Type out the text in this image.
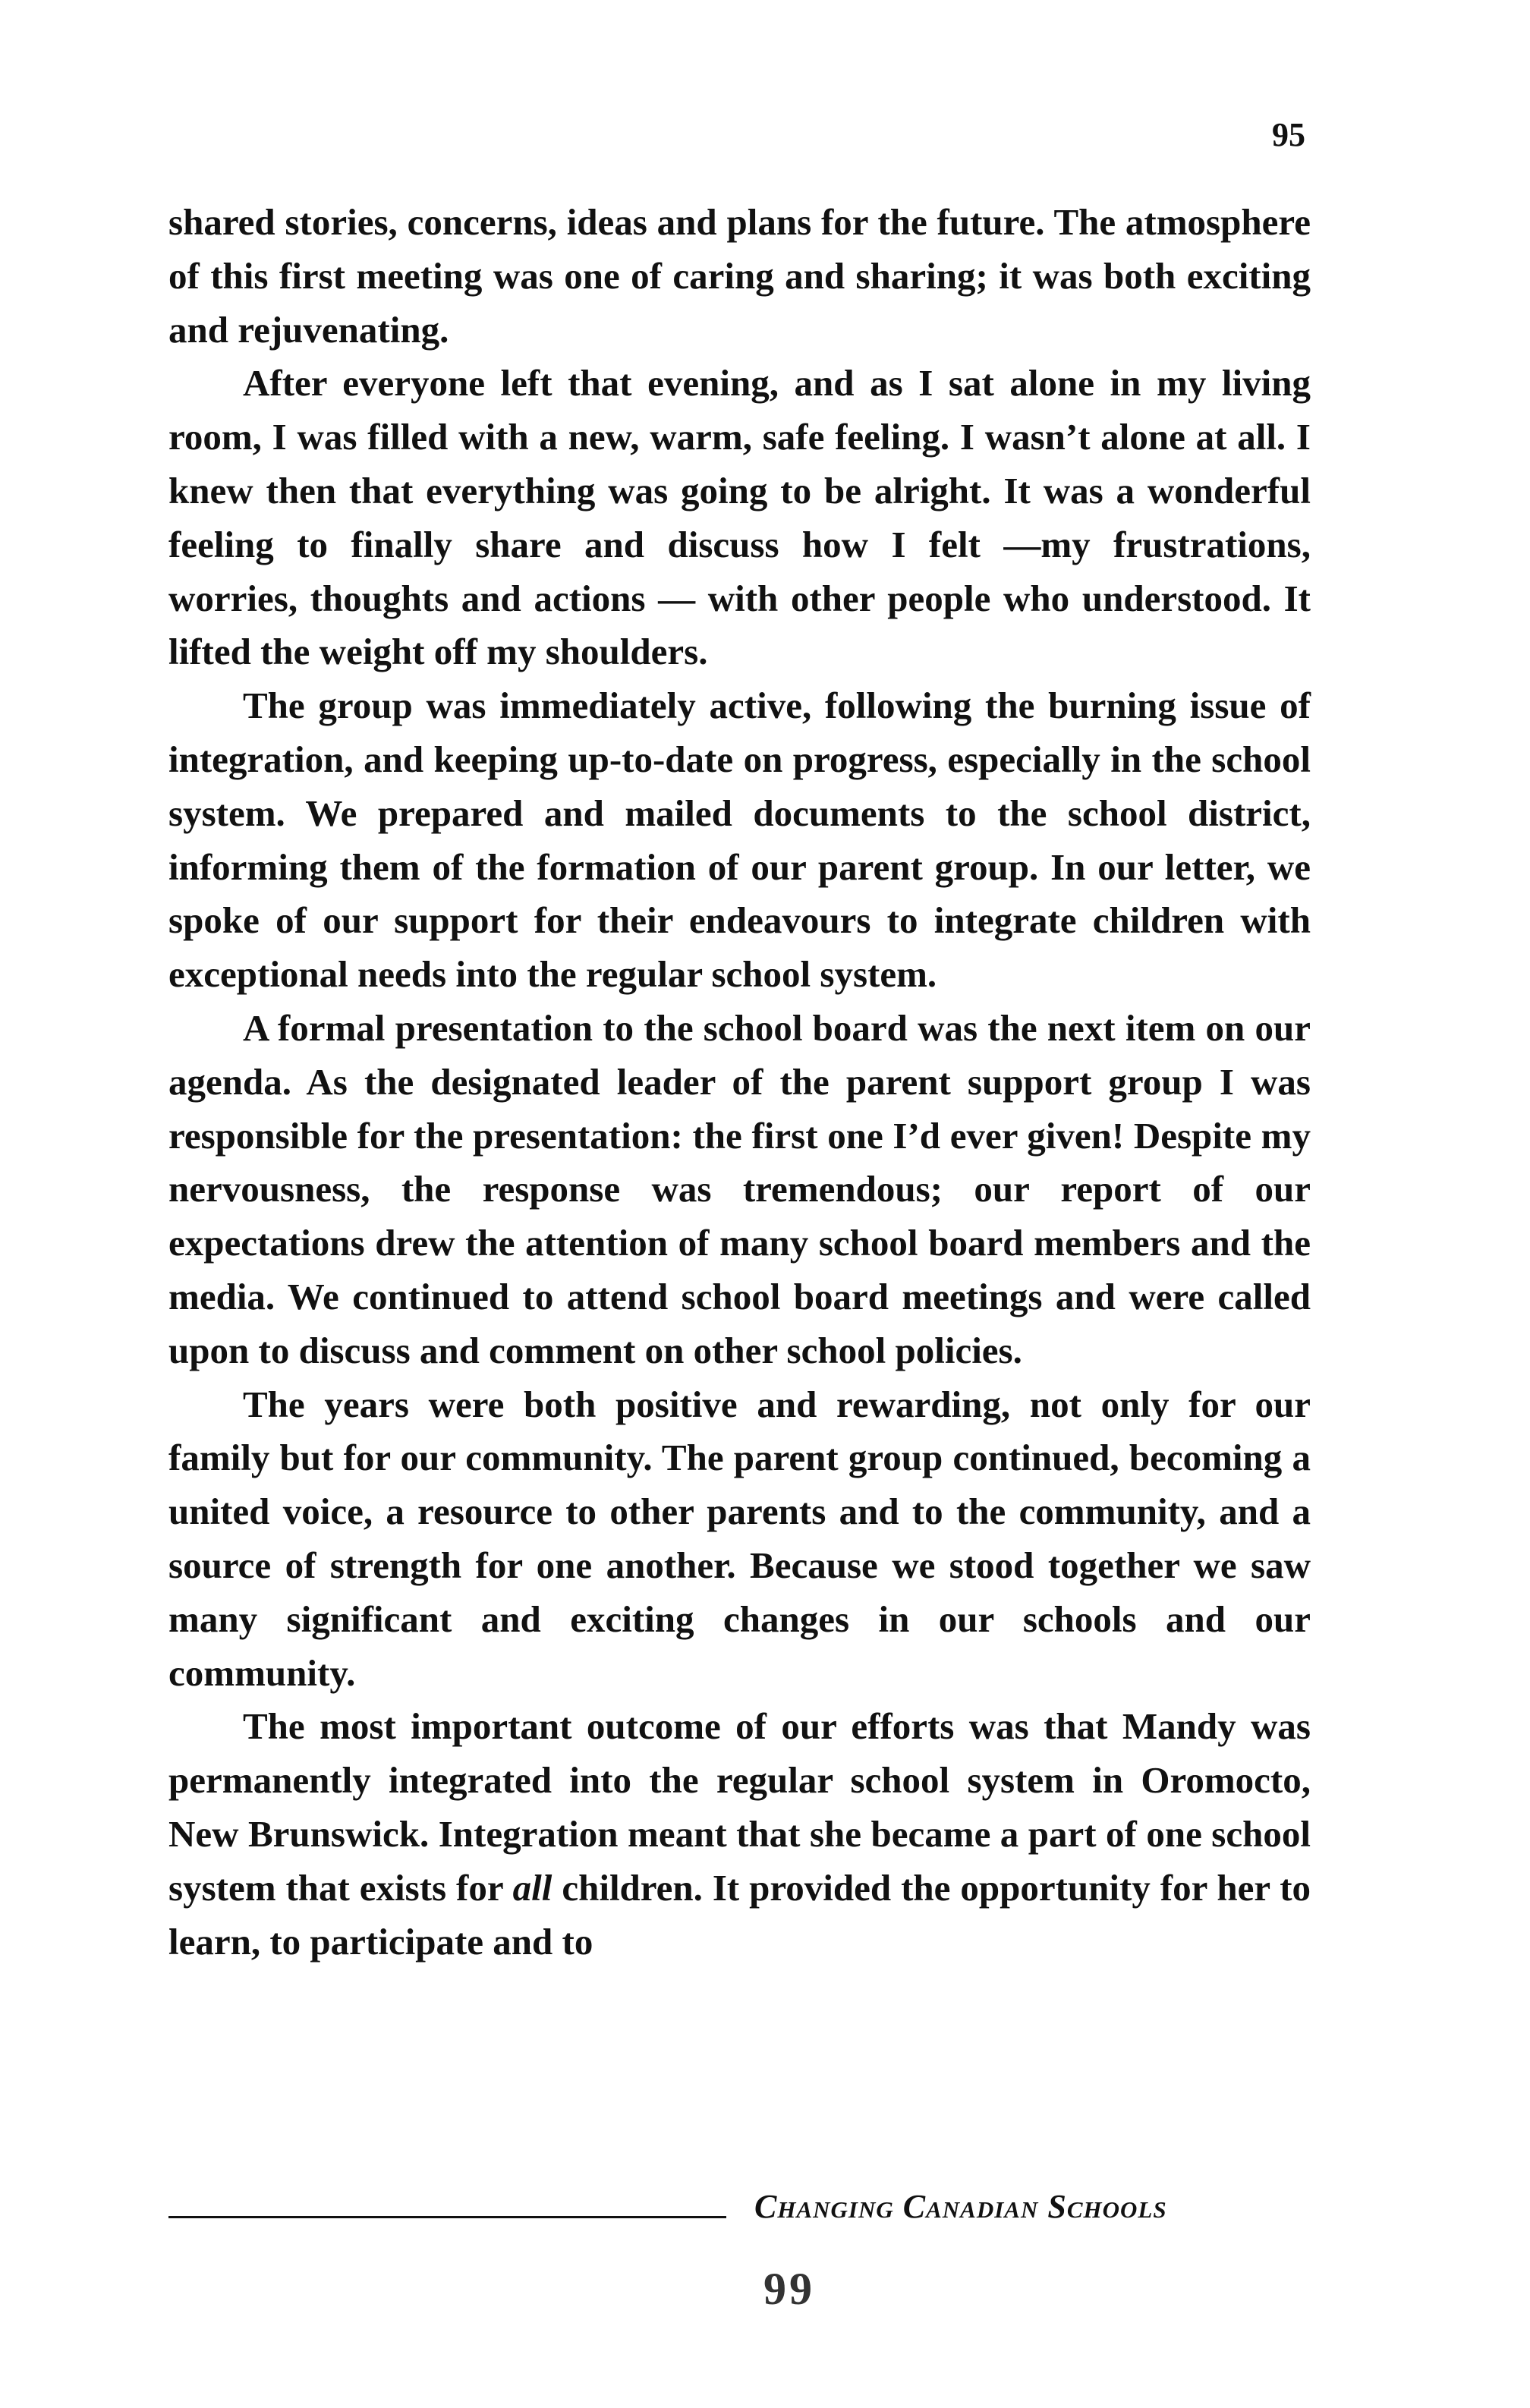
95

shared stories, concerns, ideas and plans for the future. The atmosphere of this first meeting was one of caring and sharing; it was both exciting and rejuvenating.

After everyone left that evening, and as I sat alone in my living room, I was filled with a new, warm, safe feeling. I wasn’t alone at all. I knew then that everything was going to be alright. It was a wonderful feeling to finally share and discuss how I felt —my frustrations, worries, thoughts and actions — with other people who understood. It lifted the weight off my shoulders.

The group was immediately active, following the burning issue of integration, and keeping up-to-date on progress, especially in the school system. We prepared and mailed documents to the school district, informing them of the formation of our parent group. In our letter, we spoke of our support for their endeavours to integrate children with exceptional needs into the regular school system.

A formal presentation to the school board was the next item on our agenda. As the designated leader of the parent support group I was responsible for the presentation: the first one I’d ever given! Despite my nervousness, the response was tremendous; our report of our expectations drew the attention of many school board members and the media. We continued to attend school board meetings and were called upon to discuss and comment on other school policies.

The years were both positive and rewarding, not only for our family but for our community. The parent group continued, becoming a united voice, a resource to other parents and to the community, and a source of strength for one another. Because we stood together we saw many significant and exciting changes in our schools and our community.

The most important outcome of our efforts was that Mandy was permanently integrated into the regular school system in Oromocto, New Brunswick. Integration meant that she became a part of one school system that exists for all children. It provided the opportunity for her to learn, to participate and to

Changing Canadian Schools
99
